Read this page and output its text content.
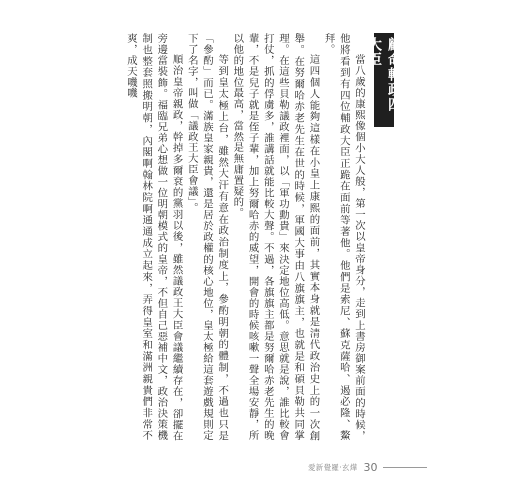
顧命輔政四大臣

當八歲的康熙像個小大人般，第一次以皇帝身分，走到上書房御案前面的時候，他將看到有四位輔政大臣正跪在面前等著他。他們是索尼、蘇克薩哈、遏必隆、鰲拜。

這四個人能夠這樣在小皇上康熙的面前，其實本身就是清代政治史上的一次創舉。在努爾哈赤老先生在世的時候，軍國大事由八旗旗主，也就是和碩貝勒共同掌理。在這些貝勒議政裡面，以「軍功勳貴」來決定地位高低。意思就是說，誰比較會打仗，抓的俘虜多，誰講話就能比較大聲。不過，各旗旗主都是努爾哈赤老先生的晚輩，不是兒子就是侄子輩，加上努爾哈赤的威望，開會的時候咳嗽一聲全場安靜，所以他的地位最高，當然是無庸置疑的。

等到皇太極上台，雖然大汗有意在政治制度上，參酌明朝的體制，不過也只是「參酌」而已。滿族皇家親貴，還是居於政權的核心地位，皇太極給這套遊戲規則定下了名字，叫做「議政王大臣會議」。

順治皇帝親政，幹掉多爾袞的黨羽以後，雖然議政王大臣會議繼續存在，卻擺在旁邊當裝飾。福臨兄弟心想做一位明朝模式的皇帝，不但自己惡補中文，政治決策機制也整套照搬明朝，內閣啊翰林院啊通通成立起來，弄得皇室和滿洲親貴們非常不爽，成天嘰嘰

愛新覺羅·玄燁 30
